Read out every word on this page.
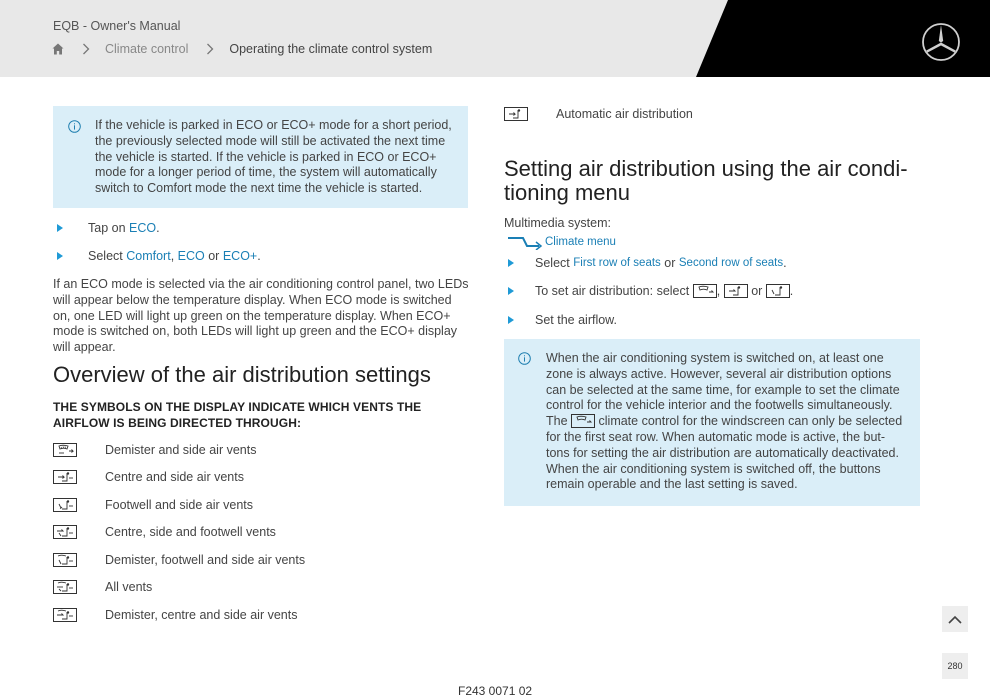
EQB - Owner's Manual
Climate control	Operating the climate control system

If the vehicle is parked in ECO or ECO+ mode for a short period, the previously selected mode will still be activated the next time the vehicle is started. If the vehicle is parked in ECO or ECO+ mode for a longer period of time, the system will automatically switch to Comfort mode the next time the vehicle is started.

Tap on
ECO .
Select
Comfort ,
ECO
or
ECO+ .

If an ECO mode is selected via the air conditioning control panel, two LEDs will appear below the temperature display. When ECO mode is switched on, one LED will light up green on the temperature display. When ECO+ mode is switched on, both LEDs will light up green and the ECO+ display will appear.

Overview of the air distribution settings
THE SYMBOLS ON THE DISPLAY INDICATE WHICH VENTS THE AIRFLOW IS BEING DIRECTED THROUGH:
Demister and side air vents
Centre and side air vents
Footwell and side air vents
Centre, side and footwell vents
Demister, footwell and side air vents
All vents
Demister, centre and side air vents
Automatic air distribution
Setting air distribution using the air condi-
tioning menu
Multimedia system:
Climate menu
Select
First row of seats
or
Second row of seats .
To set air distribution: select
,

or
.
Set the airflow.

When the air conditioning system is switched on, at least one zone is always active. However, several air distribution options can be selected at the same time, for example to set the climate control for the vehicle interior and the footwells simultaneously. The climate control for the windscreen can only be selected for the first seat row. When automatic mode is active, the but-tons for setting the air distribution are automatically deactivated. When the air conditioning system is switched off, the buttons remain operable and the last setting is saved.

280
F243 0071 02
